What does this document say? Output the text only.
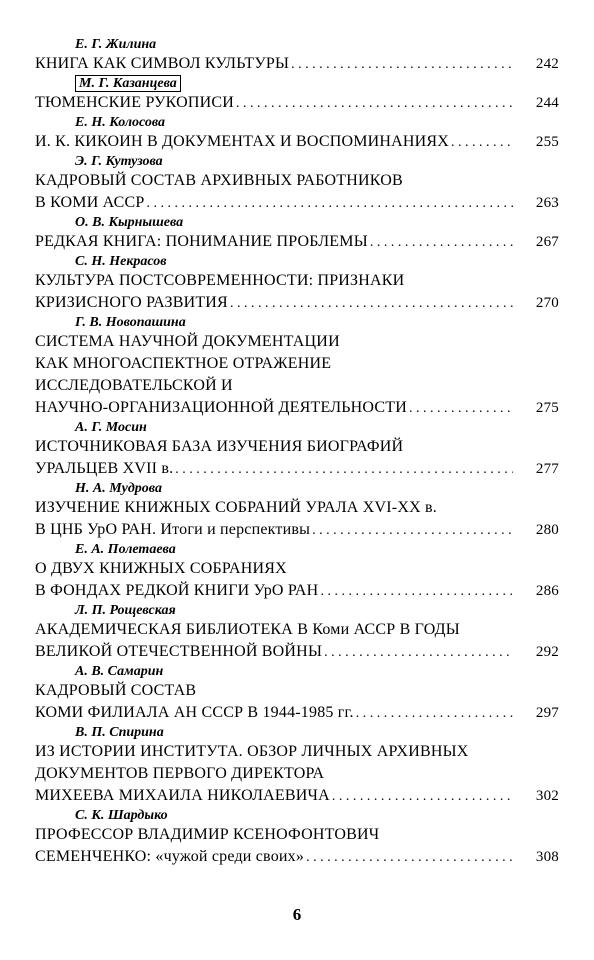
Е. Г. Жилина
КНИГА КАК СИМВОЛ КУЛЬТУРЫ . . .	242
М. Г. Казанцева
ТЮМЕНСКИЕ РУКОПИСИ . . .	244
Е. Н. Колосова
И. К. КИКОИН В ДОКУМЕНТАХ И ВОСПОМИНАНИЯХ . . .	255
Э. Г. Кутузова
КАДРОВЫЙ СОСТАВ АРХИВНЫХ РАБОТНИКОВ
В КОМИ АССР . . .	263
О. В. Кырнышева
РЕДКАЯ КНИГА: ПОНИМАНИЕ ПРОБЛЕМЫ . . .	267
С. Н. Некрасов
КУЛЬТУРА ПОСТСОВРЕМЕННОСТИ: ПРИЗНАКИ
КРИЗИСНОГО РАЗВИТИЯ . . .	270
Г. В. Новопашина
СИСТЕМА НАУЧНОЙ ДОКУМЕНТАЦИИ
КАК МНОГОАСПЕКТНОЕ ОТРАЖЕНИЕ
ИССЛЕДОВАТЕЛЬСКОЙ И
НАУЧНО-ОРГАНИЗАЦИОННОЙ ДЕЯТЕЛЬНОСТИ . . .	275
А. Г. Мосин
ИСТОЧНИКОВАЯ БАЗА ИЗУЧЕНИЯ БИОГРАФИЙ
УРАЛЬЦЕВ XVII в. . . .	277
Н. А. Мудрова
ИЗУЧЕНИЕ КНИЖНЫХ СОБРАНИЙ УРАЛА XVI-XX в.
В ЦНБ УрО РАН. Итоги и перспективы . . .	280
Е. А. Полетаева
О ДВУХ КНИЖНЫХ СОБРАНИЯХ
В ФОНДАХ РЕДКОЙ КНИГИ УрО РАН . . .	286
Л. П. Рощевская
АКАДЕМИЧЕСКАЯ БИБЛИОТЕКА В Коми АССР В ГОДЫ
ВЕЛИКОЙ ОТЕЧЕСТВЕННОЙ ВОЙНЫ . . .	292
А. В. Самарин
КАДРОВЫЙ СОСТАВ
КОМИ ФИЛИАЛА АН СССР В 1944-1985 гг. . . .	297
В. П. Спирина
ИЗ ИСТОРИИ ИНСТИТУТА. ОБЗОР ЛИЧНЫХ АРХИВНЫХ
ДОКУМЕНТОВ ПЕРВОГО ДИРЕКТОРА
МИХЕЕВА МИХАИЛА НИКОЛАЕВИЧА . . .	302
С. К. Шардыко
ПРОФЕССОР ВЛАДИМИР КСЕНОФОНТОВИЧ
СЕМЕНЧЕНКО: «чужой среди своих» . . .	308
6
